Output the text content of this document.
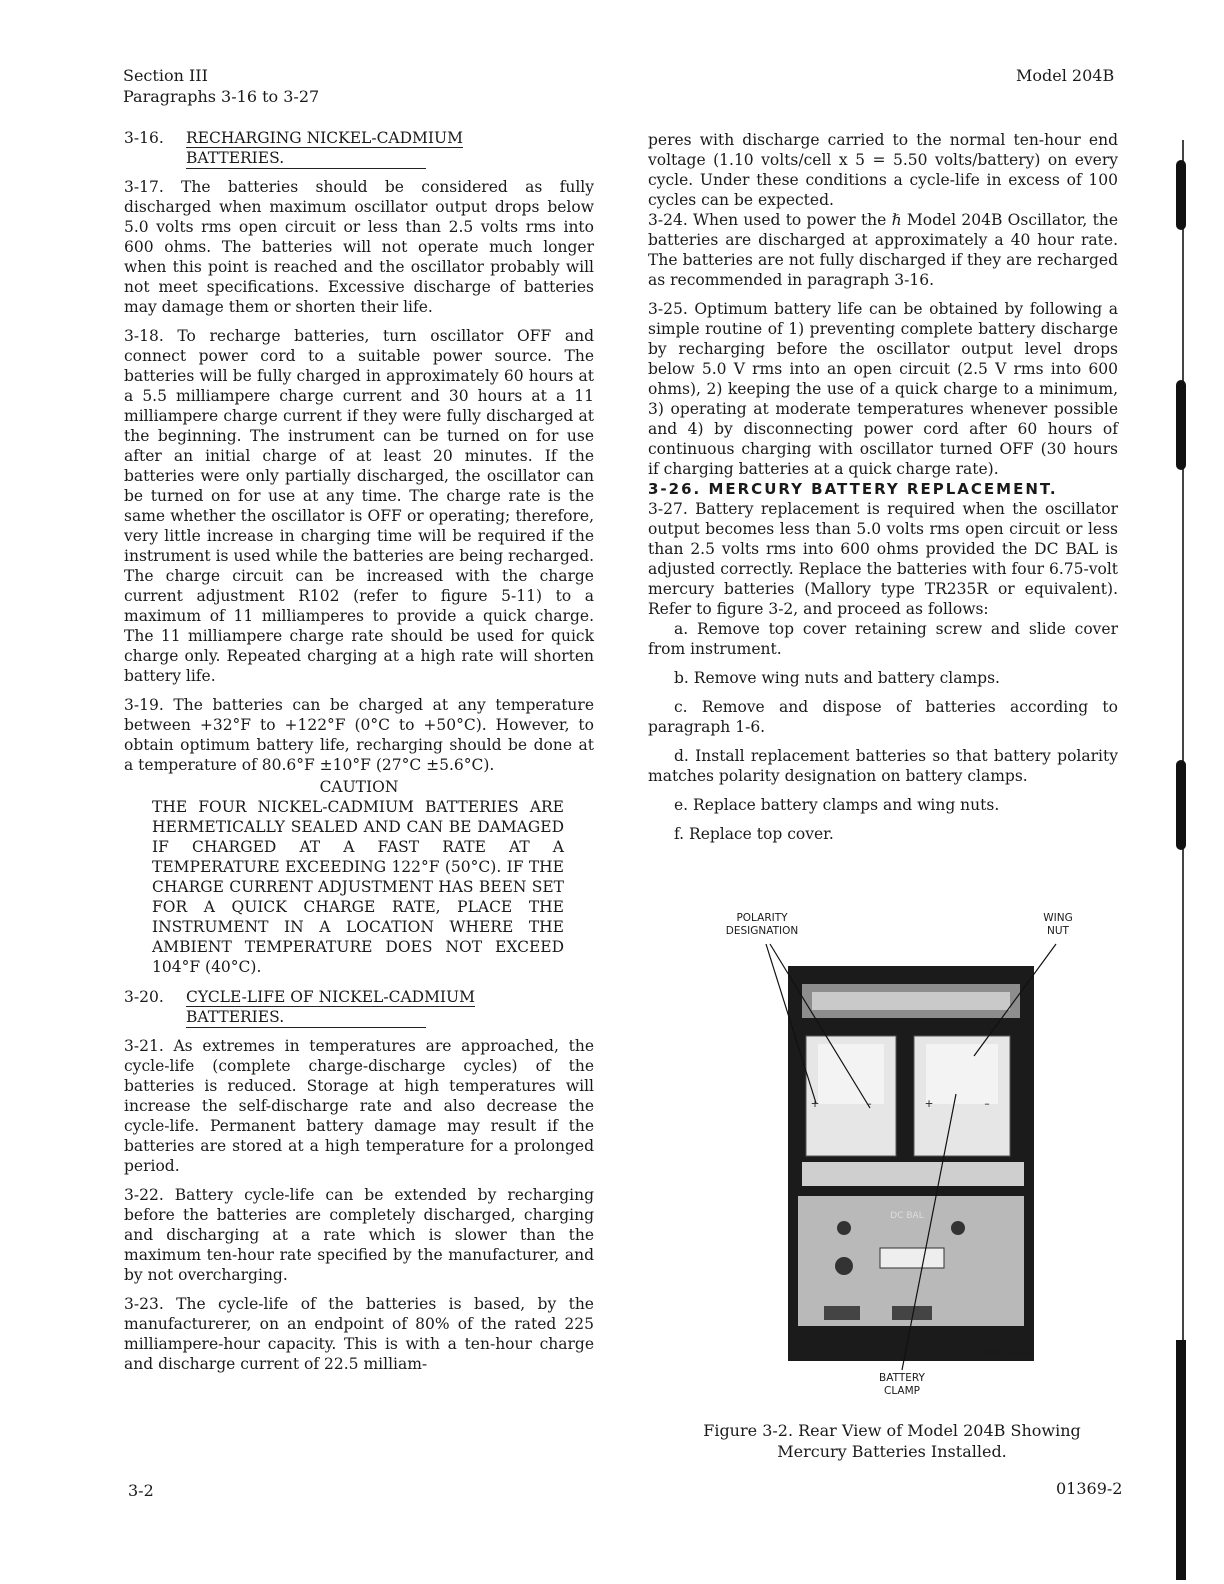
Section III
Paragraphs 3-16 to 3-27
Model 204B
3-16. RECHARGING NICKEL-CADMIUM
BATTERIES.

3-17. The batteries should be considered as fully discharged when maximum oscillator output drops below 5.0 volts rms open circuit or less than 2.5 volts rms into 600 ohms. The batteries will not operate much longer when this point is reached and the oscillator probably will not meet specifications. Excessive discharge of batteries may damage them or shorten their life.

3-18. To recharge batteries, turn oscillator OFF and connect power cord to a suitable power source. The batteries will be fully charged in approximately 60 hours at a 5.5 milliampere charge current and 30 hours at a 11 milliampere charge current if they were fully discharged at the beginning. The instrument can be turned on for use after an initial charge of at least 20 minutes. If the batteries were only partially discharged, the oscillator can be turned on for use at any time. The charge rate is the same whether the oscillator is OFF or operating; therefore, very little increase in charging time will be required if the instrument is used while the batteries are being recharged. The charge circuit can be increased with the charge current adjustment R102 (refer to figure 5-11) to a maximum of 11 milliamperes to provide a quick charge. The 11 milliampere charge rate should be used for quick charge only. Repeated charging at a high rate will shorten battery life.

3-19. The batteries can be charged at any temperature between +32°F to +122°F (0°C to +50°C). However, to obtain optimum battery life, recharging should be done at a temperature of 80.6°F ±10°F (27°C ±5.6°C).

CAUTION
THE FOUR NICKEL-CADMIUM BATTERIES ARE HERMETICALLY SEALED AND CAN BE DAMAGED IF CHARGED AT A FAST RATE AT A TEMPERATURE EXCEEDING 122°F (50°C). IF THE CHARGE CURRENT ADJUSTMENT HAS BEEN SET FOR A QUICK CHARGE RATE, PLACE THE INSTRUMENT IN A LOCATION WHERE THE AMBIENT TEMPERATURE DOES NOT EXCEED 104°F (40°C).
3-20. CYCLE-LIFE OF NICKEL-CADMIUM
BATTERIES.

3-21. As extremes in temperatures are approached, the cycle-life (complete charge-discharge cycles) of the batteries is reduced. Storage at high temperatures will increase the self-discharge rate and also decrease the cycle-life. Permanent battery damage may result if the batteries are stored at a high temperature for a prolonged period.

3-22. Battery cycle-life can be extended by recharging before the batteries are completely discharged, charging and discharging at a rate which is slower than the maximum ten-hour rate specified by the manufacturer, and by not overcharging.

3-23. The cycle-life of the batteries is based, by the manufacturerer, on an endpoint of 80% of the rated 225 milliampere-hour capacity. This is with a ten-hour charge and discharge current of 22.5 milliam-

peres with discharge carried to the normal ten-hour end voltage (1.10 volts/cell x 5 = 5.50 volts/battery) on every cycle. Under these conditions a cycle-life in excess of 100 cycles can be expected.

3-24. When used to power the ℏ Model 204B Oscillator, the batteries are discharged at approximately a 40 hour rate. The batteries are not fully discharged if they are recharged as recommended in paragraph 3-16.

3-25. Optimum battery life can be obtained by following a simple routine of 1) preventing complete battery discharge by recharging before the oscillator output level drops below 5.0 V rms into an open circuit (2.5 V rms into 600 ohms), 2) keeping the use of a quick charge to a minimum, 3) operating at moderate temperatures whenever possible and 4) by disconnecting power cord after 60 hours of continuous charging with oscillator turned OFF (30 hours if charging batteries at a quick charge rate).

3-26. MERCURY BATTERY REPLACEMENT.

3-27. Battery replacement is required when the oscillator output becomes less than 5.0 volts rms open circuit or less than 2.5 volts rms into 600 ohms provided the DC BAL is adjusted correctly. Replace the batteries with four 6.75-volt mercury batteries (Mallory type TR235R or equivalent). Refer to figure 3-2, and proceed as follows:

a. Remove top cover retaining screw and slide cover from instrument.

b. Remove wing nuts and battery clamps.

c. Remove and dispose of batteries according to paragraph 1-6.

d. Install replacement batteries so that battery polarity matches polarity designation on battery clamps.

e. Replace battery clamps and wing nuts.

f. Replace top cover.

POLARITY DESIGNATION
WING NUT
DC BAL
+	–	+	–
204B-S-14A
BATTERY CLAMP
Figure 3-2. Rear View of Model 204B Showing Mercury Batteries Installed.
3-2	01369-2
